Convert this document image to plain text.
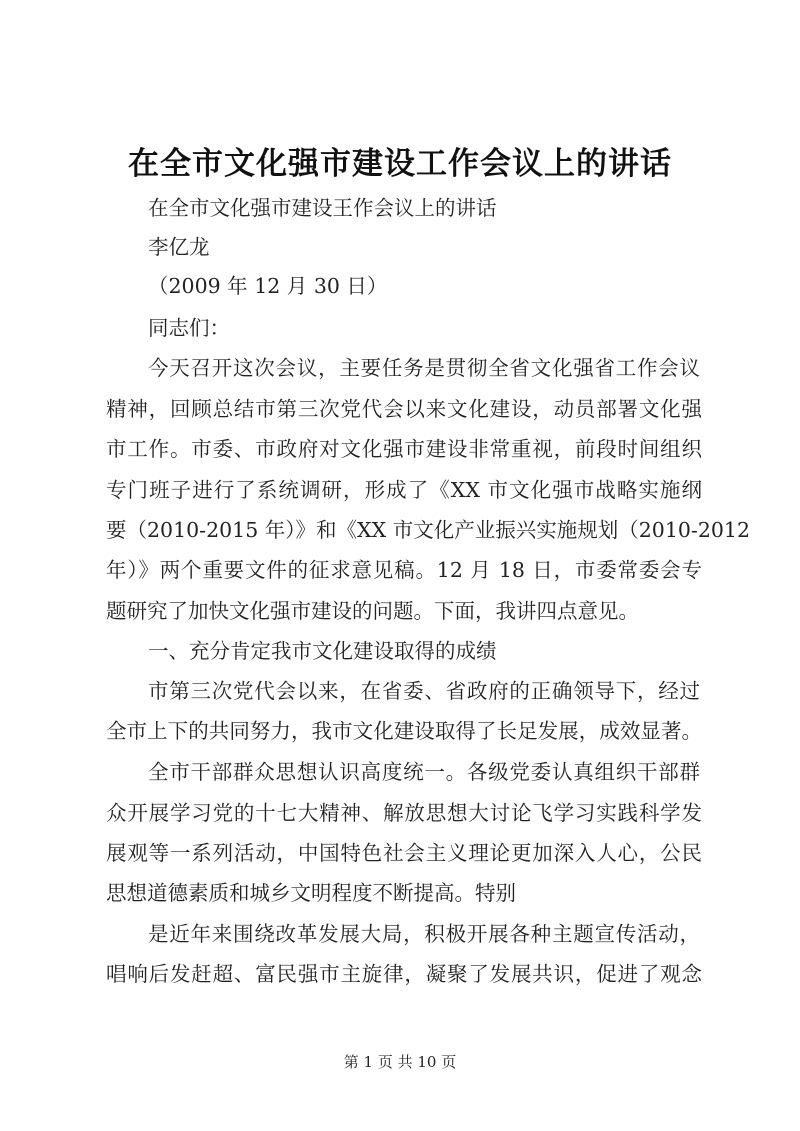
在全市文化强市建设工作会议上的讲话
在全市文化强市建设王作会议上的讲话
李亿龙
（2009 年 12 月 30 日）
同志们：
今天召开这次会议，主要任务是贯彻全省文化强省工作会议
精神，回顾总结市第三次党代会以来文化建设，动员部署文化强
市工作。市委、市政府对文化强市建设非常重视，前段时间组织
专门班子进行了系统调研，形成了《XX 市文化强市战略实施纲
要（2010-2015 年）》和《XX 市文化产业振兴实施规划（2010-2012
年）》两个重要文件的征求意见稿。12 月 18 日，市委常委会专
题研究了加快文化强市建设的问题。下面，我讲四点意见。
一、充分肯定我市文化建设取得的成绩
市第三次党代会以来，在省委、省政府的正确领导下，经过
全市上下的共同努力，我市文化建设取得了长足发展，成效显著。
全市干部群众思想认识高度统一。各级党委认真组织干部群
众开展学习党的十七大精神、解放思想大讨论飞学习实践科学发
展观等一系列活动，中国特色社会主义理论更加深入人心，公民
思想道德素质和城乡文明程度不断提高。特别
是近年来围绕改革发展大局，积极开展各种主题宣传活动，
唱响后发赶超、富民强市主旋律，凝聚了发展共识，促进了观念
第 1 页 共 10 页
